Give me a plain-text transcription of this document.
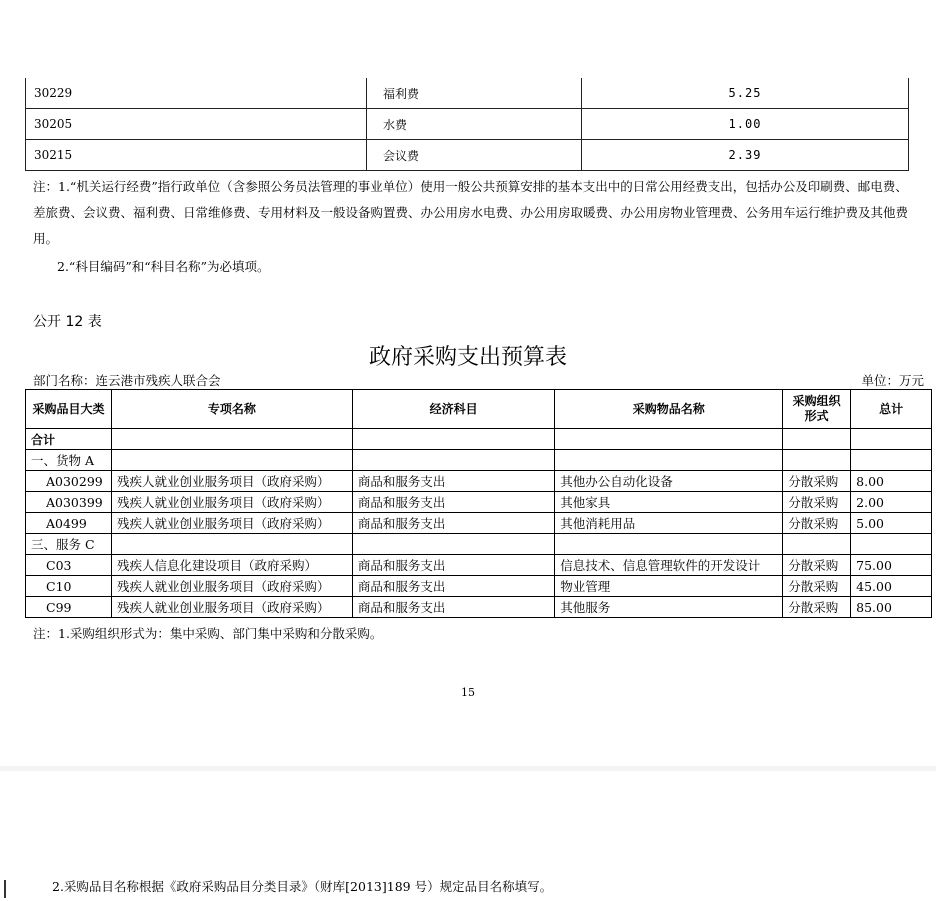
30229	福利费	5.25
30205	水费	1.00
30215	会议费	2.39
注：1.“机关运行经费”指行政单位（含参照公务员法管理的事业单位）使用一般公共预算安排的基本支出中的日常公用经费支出，包括办公及印刷费、邮电费、差旅费、会议费、福利费、日常维修费、专用材料及一般设备购置费、办公用房水电费、办公用房取暖费、办公用房物业管理费、公务用车运行维护费及其他费用。
2.“科目编码”和“科目名称”为必填项。
公开 12 表
政府采购支出预算表
部门名称：连云港市残疾人联合会	单位：万元
采购品目大类	专项名称	经济科目	采购物品名称	采购组织形式	总计
合计					
一、货物 A					
A030299	残疾人就业创业服务项目（政府采购）	商品和服务支出	其他办公自动化设备	分散采购	8.00
A030399	残疾人就业创业服务项目（政府采购）	商品和服务支出	其他家具	分散采购	2.00
A0499	残疾人就业创业服务项目（政府采购）	商品和服务支出	其他消耗用品	分散采购	5.00
三、服务 C					
C03	残疾人信息化建设项目（政府采购）	商品和服务支出	信息技术、信息管理软件的开发设计	分散采购	75.00
C10	残疾人就业创业服务项目（政府采购）	商品和服务支出	物业管理	分散采购	45.00
C99	残疾人就业创业服务项目（政府采购）	商品和服务支出	其他服务	分散采购	85.00
注：1.采购组织形式为：集中采购、部门集中采购和分散采购。
15
2.采购品目名称根据《政府采购品目分类目录》（财库[2013]189 号）规定品目名称填写。
